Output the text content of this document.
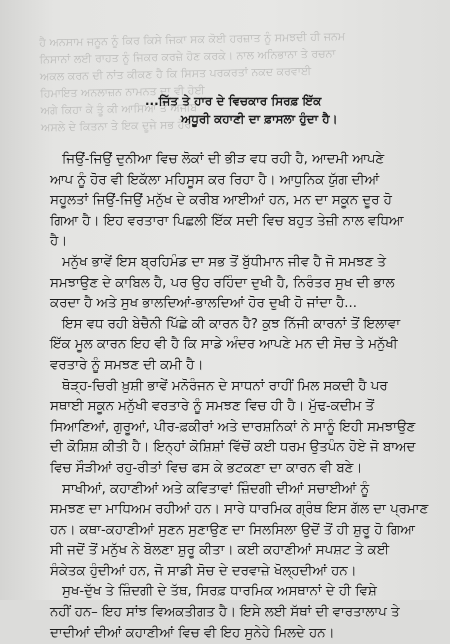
ਹੈ ਅਨਸਾਮ ਜਨੂਨ ਨੂੰ ਕਿਰ ਕਿਸੇ ਜਿਕਾ ਸਕ ਕੋਈ ਹਰਜ਼ਾਤ ਨੂੰ ਸਮਝਦੀ ਹੀ ਜਨਮ
ਨਿਸਾਨਾਂ ਲਈ ਰਾਹਤ ਨੂੰ ਜਿਕਰ ਕਰਜ਼ੇ ਹੋਣ ਕਰਕੇ। ਨਾਲ ਅਨਿਭਾਨਾ ਤੇ ਰਚਨਾ
ਅਕਲ ਕਰਨ ਦੀ ਨਾਂਤ ਕੀਕਣ ਹੈ ਕਿ ਸਿਸਤ ਪਰਕਰਤਾਂ ਨਕਦ ਕਰਵਾਈ
ਹਿਮਾਇਤ ਅਨਲਾਜ਼ਨ ਨਾਮਨਤ ਦਾ ਵੀ ਹੋਈ
ਅਗੇ ਕਿਹਾ ਕੇ ਤੂੰ ਕੀ ਆਸਿਆ ਤੋਂ ਅਜੀਬ
ਅਸਲੇ ਦੇ ਕਿਤਨਾ ਤੇ ਇਕ ਦੂਜੇ ਸਭ ਹੋਰ
...ਜਿੱਤ ਤੇ ਹਾਰ ਦੇ ਵਿਚਕਾਰ ਸਿਰਫ਼ ਇੱਕ
ਅਧੂਰੀ ਕਹਾਣੀ ਦਾ ਫ਼ਾਸਲਾ ਹੁੰਦਾ ਹੈ।
ਜਿਉਂ-ਜਿਉਂ ਦੁਨੀਆ ਵਿਚ ਲੋਕਾਂ ਦੀ ਭੀੜ ਵਧ ਰਹੀ ਹੈ, ਆਦਮੀ ਆਪਣੇ
ਆਪ ਨੂੰ ਹੋਰ ਵੀ ਇਕੱਲਾ ਮਹਿਸੂਸ ਕਰ ਰਿਹਾ ਹੈ। ਆਧੁਨਿਕ ਯੁੱਗ ਦੀਆਂ
ਸਹੂਲਤਾਂ ਜਿਉਂ-ਜਿਉਂ ਮਨੁੱਖ ਦੇ ਕਰੀਬ ਆਈਆਂ ਹਨ, ਮਨ ਦਾ ਸਕੂਨ ਦੂਰ ਹੋ
ਗਿਆ ਹੈ। ਇਹ ਵਰਤਾਰਾ ਪਿਛਲੀ ਇੱਕ ਸਦੀ ਵਿਚ ਬਹੁਤ ਤੇਜ਼ੀ ਨਾਲ ਵਧਿਆ
ਹੈ।
ਮਨੁੱਖ ਭਾਵੇਂ ਇਸ ਬ੍ਰਹਿਮੰਡ ਦਾ ਸਭ ਤੋਂ ਬੁੱਧੀਮਾਨ ਜੀਵ ਹੈ ਜੋ ਸਮਝਣ ਤੇ
ਸਮਝਾਉਣ ਦੇ ਕਾਬਿਲ ਹੈ, ਪਰ ਉਹ ਰਹਿੰਦਾ ਦੁਖੀ ਹੈ, ਨਿਰੰਤਰ ਸੁਖ ਦੀ ਭਾਲ
ਕਰਦਾ ਹੈ ਅਤੇ ਸੁਖ ਭਾਲਦਿਆਂ-ਭਾਲਦਿਆਂ ਹੋਰ ਦੁਖੀ ਹੋ ਜਾਂਦਾ ਹੈ...
ਇਸ ਵਧ ਰਹੀ ਬੇਚੈਨੀ ਪਿੱਛੇ ਕੀ ਕਾਰਨ ਹੈ? ਕੁਝ ਨਿੱਜੀ ਕਾਰਨਾਂ ਤੋਂ ਇਲਾਵਾ
ਇੱਕ ਮੂਲ ਕਾਰਨ ਇਹ ਵੀ ਹੈ ਕਿ ਸਾਡੇ ਅੰਦਰ ਆਪਣੇ ਮਨ ਦੀ ਸੋਚ ਤੇ ਮਨੁੱਖੀ
ਵਰਤਾਰੇ ਨੂੰ ਸਮਝਣ ਦੀ ਕਮੀ ਹੈ।
ਥੋੜ੍ਹ-ਚਿਰੀ ਖ਼ੁਸ਼ੀ ਭਾਵੇਂ ਮਨੋਰੰਜਨ ਦੇ ਸਾਧਨਾਂ ਰਾਹੀਂ ਮਿਲ ਸਕਦੀ ਹੈ ਪਰ
ਸਥਾਈ ਸਕੂਨ ਮਨੁੱਖੀ ਵਰਤਾਰੇ ਨੂੰ ਸਮਝਣ ਵਿਚ ਹੀ ਹੈ। ਮੁੱਢ-ਕਦੀਮ ਤੋਂ
ਸਿਆਣਿਆਂ, ਗੁਰੂਆਂ, ਪੀਰ-ਫ਼ਕੀਰਾਂ ਅਤੇ ਦਾਰਸ਼ਨਿਕਾਂ ਨੇ ਸਾਨੂੰ ਇਹੀ ਸਮਝਾਉਣ
ਦੀ ਕੋਸ਼ਿਸ਼ ਕੀਤੀ ਹੈ। ਇਨ੍ਹਾਂ ਕੋਸ਼ਿਸ਼ਾਂ ਵਿੱਚੋਂ ਕਈ ਧਰਮ ਉਤਪੰਨ ਹੋਏ ਜੋ ਬਾਅਦ
ਵਿਚ ਸੌੜੀਆਂ ਰਹੁ-ਰੀਤਾਂ ਵਿਚ ਫਸ ਕੇ ਭਟਕਣਾ ਦਾ ਕਾਰਨ ਵੀ ਬਣੇ।
ਸਾਖੀਆਂ, ਕਹਾਣੀਆਂ ਅਤੇ ਕਵਿਤਾਵਾਂ ਜ਼ਿੰਦਗੀ ਦੀਆਂ ਸਚਾਈਆਂ ਨੂੰ
ਸਮਝਣ ਦਾ ਮਾਧਿਅਮ ਰਹੀਆਂ ਹਨ। ਸਾਰੇ ਧਾਰਮਿਕ ਗ੍ਰੰਥ ਇਸ ਗੱਲ ਦਾ ਪ੍ਰਮਾਣ
ਹਨ। ਕਥਾ-ਕਹਾਣੀਆਂ ਸੁਣਨ ਸੁਣਾਉਣ ਦਾ ਸਿਲਸਿਲਾ ਉਦੋਂ ਤੋਂ ਹੀ ਸ਼ੁਰੂ ਹੋ ਗਿਆ
ਸੀ ਜਦੋਂ ਤੋਂ ਮਨੁੱਖ ਨੇ ਬੋਲਣਾ ਸ਼ੁਰੂ ਕੀਤਾ। ਕਈ ਕਹਾਣੀਆਂ ਸਪਸ਼ਟ ਤੇ ਕਈ
ਸੰਕੇਤਕ ਹੁੰਦੀਆਂ ਹਨ, ਜੋ ਸਾਡੀ ਸੋਚ ਦੇ ਦਰਵਾਜ਼ੇ ਖੋਲ੍ਹਦੀਆਂ ਹਨ।
ਸੁਖ-ਦੁੱਖ ਤੇ ਜ਼ਿੰਦਗੀ ਦੇ ਤੱਥ, ਸਿਰਫ਼ ਧਾਰਮਿਕ ਅਸਥਾਨਾਂ ਦੇ ਹੀ ਵਿਸ਼ੇ
ਨਹੀਂ ਹਨ– ਇਹ ਸਾਂਝ ਵਿਅਕਤੀਗਤ ਹੈ। ਇਸੇ ਲਈ ਸੱਥਾਂ ਦੀ ਵਾਰਤਾਲਾਪ ਤੇ
ਦਾਦੀਆਂ ਦੀਆਂ ਕਹਾਣੀਆਂ ਵਿਚ ਵੀ ਇਹ ਸੁਨੇਹੇ ਮਿਲਦੇ ਹਨ।
